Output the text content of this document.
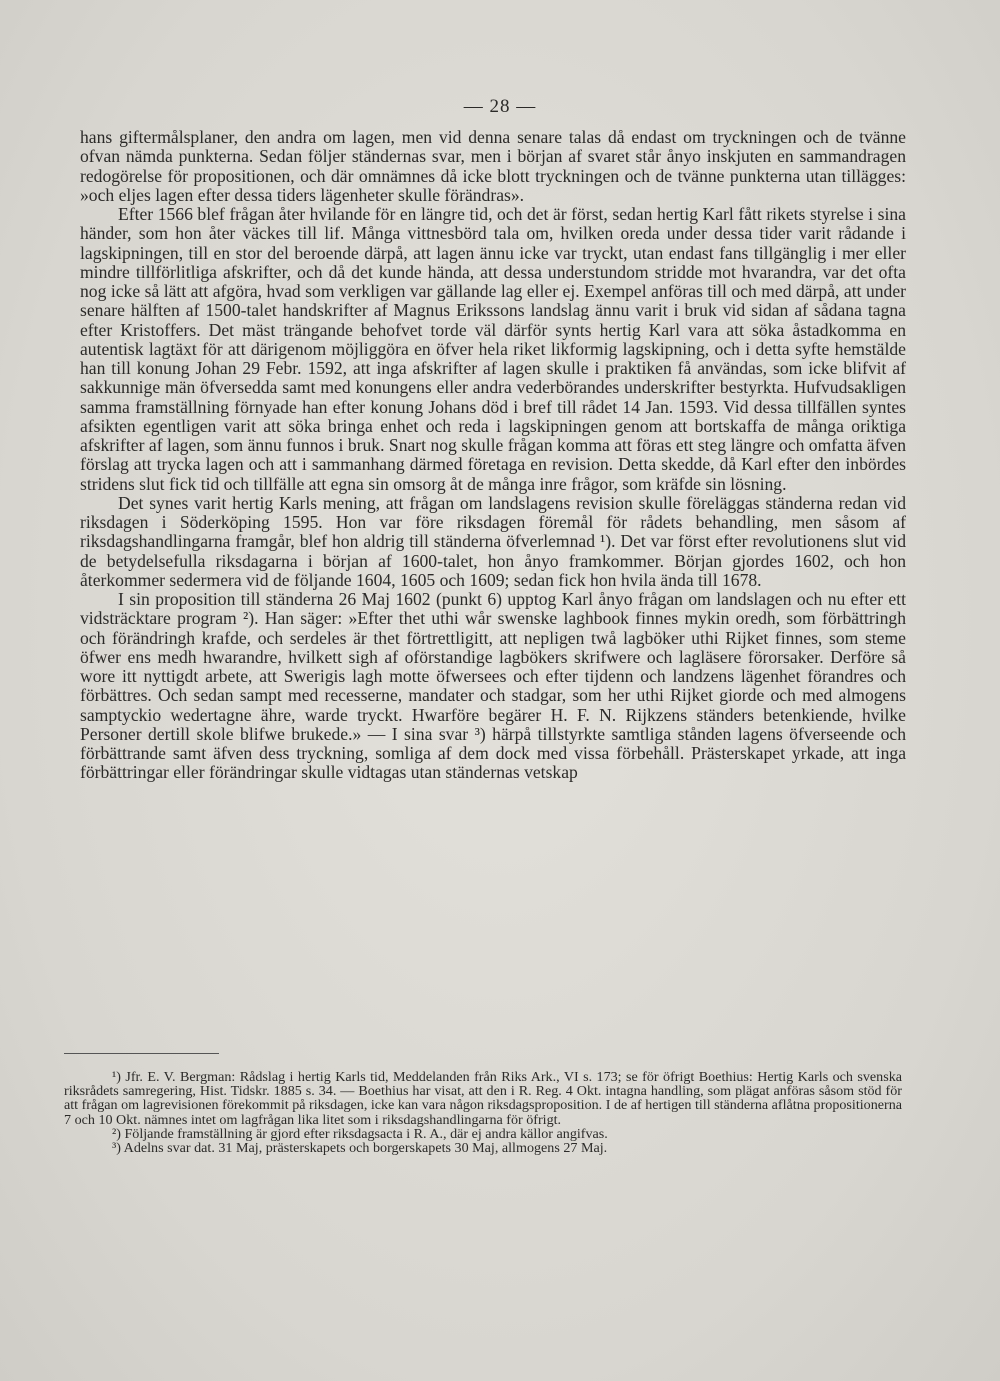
— 28 —

hans giftermålsplaner, den andra om lagen, men vid denna senare talas då endast om tryckningen och de tvänne ofvan nämda punkterna. Sedan följer ständernas svar, men i början af svaret står ånyo inskjuten en sammandragen redogörelse för propositionen, och där omnämnes då icke blott tryckningen och de tvänne punkterna utan tillägges: »och eljes lagen efter dessa tiders lägenheter skulle förändras».

Efter 1566 blef frågan åter hvilande för en längre tid, och det är först, sedan hertig Karl fått rikets styrelse i sina händer, som hon åter väckes till lif. Många vittnesbörd tala om, hvilken oreda under dessa tider varit rådande i lagskipningen, till en stor del beroende därpå, att lagen ännu icke var tryckt, utan endast fans tillgänglig i mer eller mindre tillförlitliga afskrifter, och då det kunde hända, att dessa understundom stridde mot hvarandra, var det ofta nog icke så lätt att afgöra, hvad som verkligen var gällande lag eller ej. Exempel anföras till och med därpå, att under senare hälften af 1500-talet handskrifter af Magnus Erikssons landslag ännu varit i bruk vid sidan af sådana tagna efter Kristoffers. Det mäst trängande behofvet torde väl därför synts hertig Karl vara att söka åstadkomma en autentisk lagtäxt för att därigenom möjliggöra en öfver hela riket likformig lagskipning, och i detta syfte hemstälde han till konung Johan 29 Febr. 1592, att inga afskrifter af lagen skulle i praktiken få användas, som icke blifvit af sakkunnige män öfversedda samt med konungens eller andra vederbörandes underskrifter bestyrkta. Hufvudsakligen samma framställning förnyade han efter konung Johans död i bref till rådet 14 Jan. 1593. Vid dessa tillfällen syntes afsikten egentligen varit att söka bringa enhet och reda i lagskipningen genom att bortskaffa de många oriktiga afskrifter af lagen, som ännu funnos i bruk. Snart nog skulle frågan komma att föras ett steg längre och omfatta äfven förslag att trycka lagen och att i sammanhang därmed företaga en revision. Detta skedde, då Karl efter den inbördes stridens slut fick tid och tillfälle att egna sin omsorg åt de många inre frågor, som kräfde sin lösning.

Det synes varit hertig Karls mening, att frågan om landslagens revision skulle föreläggas ständerna redan vid riksdagen i Söderköping 1595. Hon var före riksdagen föremål för rådets behandling, men såsom af riksdagshandlingarna framgår, blef hon aldrig till ständerna öfverlemnad ¹). Det var först efter revolutionens slut vid de betydelsefulla riksdagarna i början af 1600-talet, hon ånyo framkommer. Början gjordes 1602, och hon återkommer sedermera vid de följande 1604, 1605 och 1609; sedan fick hon hvila ända till 1678.

I sin proposition till ständerna 26 Maj 1602 (punkt 6) upptog Karl ånyo frågan om landslagen och nu efter ett vidsträcktare program ²). Han säger: »Efter thet uthi wår swenske laghbook finnes mykin oredh, som förbättringh och förändringh krafde, och serdeles är thet förtrettligitt, att nepligen twå lagböker uthi Rijket finnes, som steme öfwer ens medh hwarandre, hvilkett sigh af oförstandige lagbökers skrifwere och lagläsere förorsaker. Derföre så wore itt nyttigdt arbete, att Swerigis lagh motte öfwersees och efter tijdenn och landzens lägenhet förandres och förbättres. Och sedan sampt med recesserne, mandater och stadgar, som her uthi Rijket giorde och med almogens samptyckio wedertagne ähre, warde tryckt. Hwarföre begärer H. F. N. Rijkzens ständers betenkiende, hvilke Personer dertill skole blifwe brukede.» — I sina svar ³) härpå tillstyrkte samtliga stånden lagens öfverseende och förbättrande samt äfven dess tryckning, somliga af dem dock med vissa förbehåll. Prästerskapet yrkade, att inga förbättringar eller förändringar skulle vidtagas utan ständernas vetskap

¹) Jfr. E. V. Bergman: Rådslag i hertig Karls tid, Meddelanden från Riks Ark., VI s. 173; se för öfrigt Boethius: Hertig Karls och svenska riksrådets samregering, Hist. Tidskr. 1885 s. 34. — Boethius har visat, att den i R. Reg. 4 Okt. intagna handling, som plägat anföras såsom stöd för att frågan om lagrevisionen förekommit på riksdagen, icke kan vara någon riksdagsproposition. I de af hertigen till ständerna aflåtna propositionerna 7 och 10 Okt. nämnes intet om lagfrågan lika litet som i riksdagshandlingarna för öfrigt.

²) Följande framställning är gjord efter riksdagsacta i R. A., där ej andra källor angifvas.

³) Adelns svar dat. 31 Maj, prästerskapets och borgerskapets 30 Maj, allmogens 27 Maj.
